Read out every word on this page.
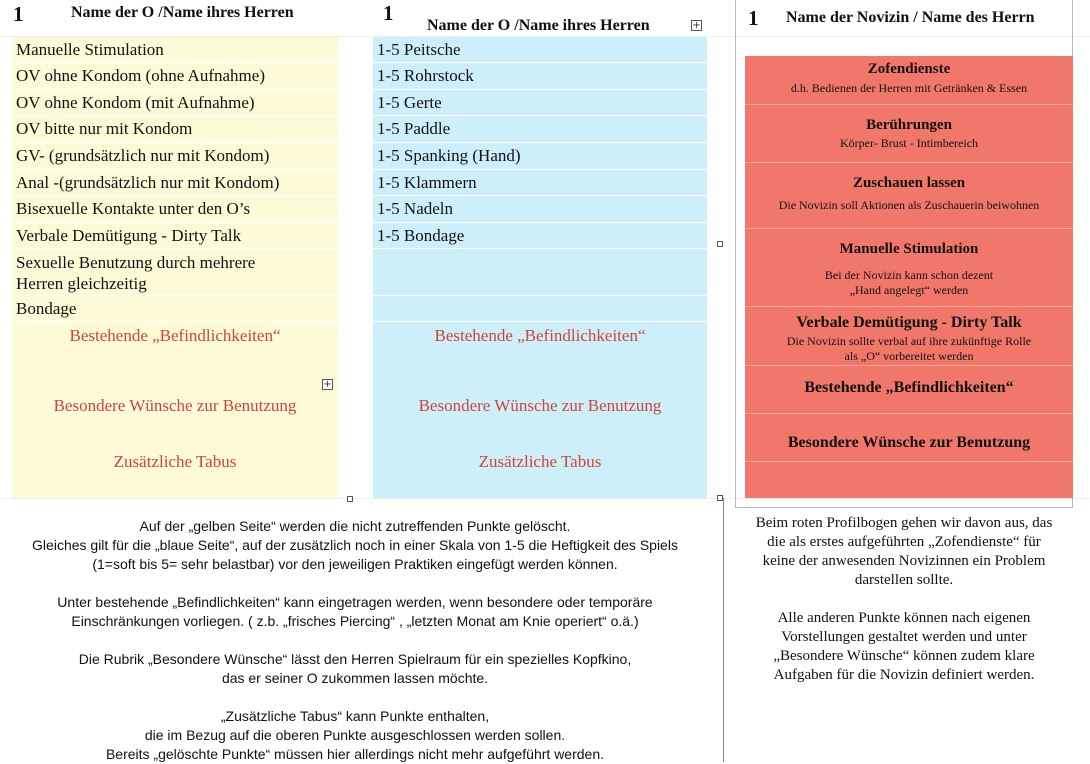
1	Name der O /Name ihres Herren
Manuelle Stimulation
OV ohne Kondom (ohne Aufnahme)
OV ohne Kondom (mit Aufnahme)
OV bitte nur mit Kondom
GV- (grundsätzlich nur mit Kondom)
Anal -(grundsätzlich nur mit Kondom)
Bisexuelle Kontakte unter den O’s
Verbale Demütigung - Dirty Talk
Sexuelle Benutzung durch mehrere
Herren gleichzeitig
Bondage
Bestehende „Befindlichkeiten“
Besondere Wünsche zur Benutzung
Zusätzliche Tabus
+
1
Name der O /Name ihres Herren	+
1-5 Peitsche
1-5 Rohrstock
1-5 Gerte
1-5 Paddle
1-5 Spanking (Hand)
1-5 Klammern
1-5 Nadeln
1-5 Bondage
Bestehende „Befindlichkeiten“
Besondere Wünsche zur Benutzung
Zusätzliche Tabus
1 Name der Novizin / Name des Herrn
Zofendienste
d.h. Bedienen der Herren mit Getränken & Essen
Berührungen
Körper- Brust - Intimbereich
Zuschauen lassen
Die Novizin soll Aktionen als Zuschauerin beiwohnen
Manuelle Stimulation
Bei der Novizin kann schon dezent
„Hand angelegt“ werden
Verbale Demütigung - Dirty Talk
Die Novizin sollte verbal auf ihre zukünftige Rolle
als „O“ vorbereitet werden
Bestehende „Befindlichkeiten“
Besondere Wünsche zur Benutzung
Auf der „gelben Seite“ werden die nicht zutreffenden Punkte gelöscht.
Gleiches gilt für die „blaue Seite“, auf der zusätzlich noch in einer Skala von 1-5 die Heftigkeit des Spiels
(1=soft bis 5= sehr belastbar) vor den jeweiligen Praktiken eingefügt werden können.
Unter bestehende „Befindlichkeiten“ kann eingetragen werden, wenn besondere oder temporäre
Einschränkungen vorliegen. ( z.b. „frisches Piercing“ , „letzten Monat am Knie operiert“ o.ä.)
Die Rubrik „Besondere Wünsche“ lässt den Herren Spielraum für ein spezielles Kopfkino,
das er seiner O zukommen lassen möchte.
„Zusätzliche Tabus“ kann Punkte enthalten,
die im Bezug auf die oberen Punkte ausgeschlossen werden sollen.
Bereits „gelöschte Punkte“ müssen hier allerdings nicht mehr aufgeführt werden.
Beim roten Profilbogen gehen wir davon aus, das
die als erstes aufgeführten „Zofendienste“ für
keine der anwesenden Novizinnen ein Problem
darstellen sollte.
Alle anderen Punkte können nach eigenen
Vorstellungen gestaltet werden und unter
„Besondere Wünsche“ können zudem klare
Aufgaben für die Novizin definiert werden.
